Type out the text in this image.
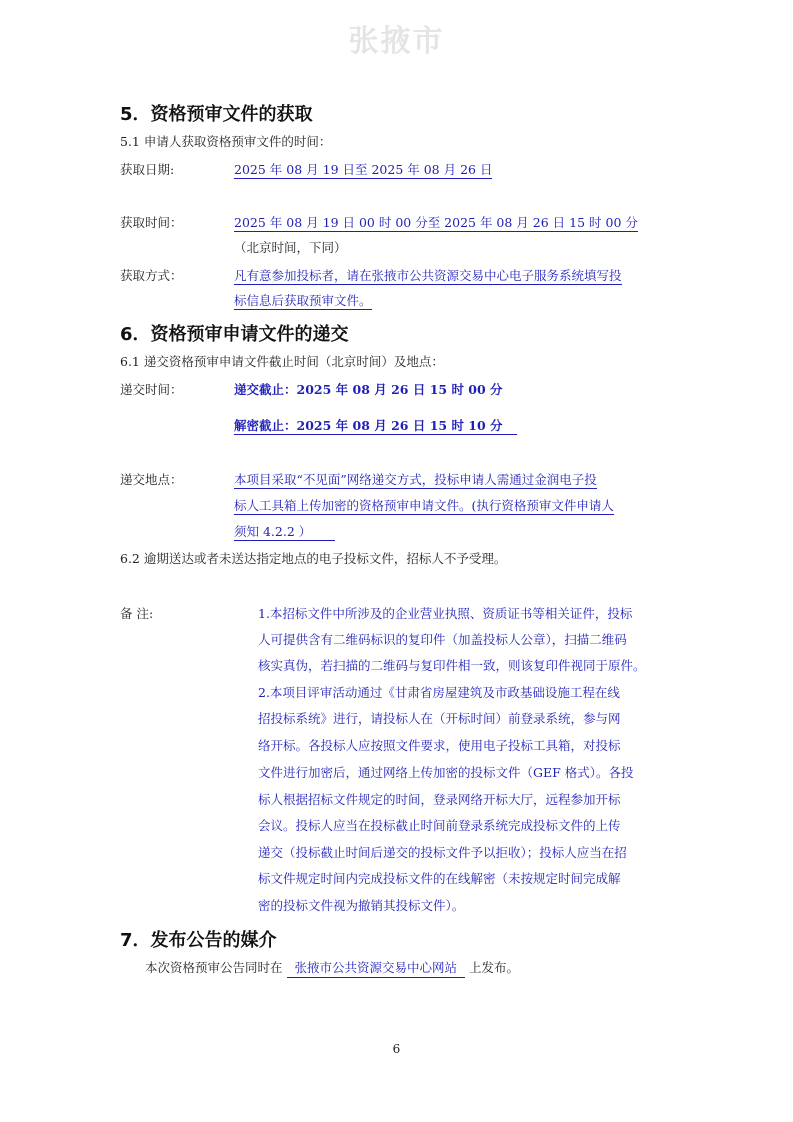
张掖市
5．资格预审文件的获取
5.1 申请人获取资格预审文件的时间：
获取日期:	2025 年 08 月 19 日至 2025 年 08 月 26 日
获取时间：	2025 年 08 月 19 日 00 时 00 分至 2025 年 08 月 26 日 15 时 00 分
（北京时间，下同）
获取方式：	凡有意参加投标者，请在张掖市公共资源交易中心电子服务系统填写投
标信息后获取预审文件。
6．资格预审申请文件的递交
6.1 递交资格预审申请文件截止时间（北京时间）及地点：
递交时间：	递交截止：2025 年 08 月 26 日 15 时 00 分
解密截止：2025 年 08 月 26 日 15 时 10 分
递交地点：	本项目采取“不见面”网络递交方式，投标申请人需通过金润电子投
标人工具箱上传加密的资格预审申请文件。(执行资格预审文件申请人
须知 4.2.2 ）
6.2 逾期送达或者未送达指定地点的电子投标文件，招标人不予受理。
备 注:	1.本招标文件中所涉及的企业营业执照、资质证书等相关证件，投标
人可提供含有二维码标识的复印件（加盖投标人公章），扫描二维码
核实真伪，若扫描的二维码与复印件相一致，则该复印件视同于原件。
2.本项目评审活动通过《甘肃省房屋建筑及市政基础设施工程在线
招投标系统》进行，请投标人在（开标时间）前登录系统，参与网
络开标。各投标人应按照文件要求，使用电子投标工具箱，对投标
文件进行加密后，通过网络上传加密的投标文件（GEF 格式）。各投
标人根据招标文件规定的时间，登录网络开标大厅，远程参加开标
会议。投标人应当在投标截止时间前登录系统完成投标文件的上传
递交（投标截止时间后递交的投标文件予以拒收）；投标人应当在招
标文件规定时间内完成投标文件的在线解密（未按规定时间完成解
密的投标文件视为撤销其投标文件）。
7．发布公告的媒介
本次资格预审公告同时在 张掖市公共资源交易中心网站 上发布。
6
